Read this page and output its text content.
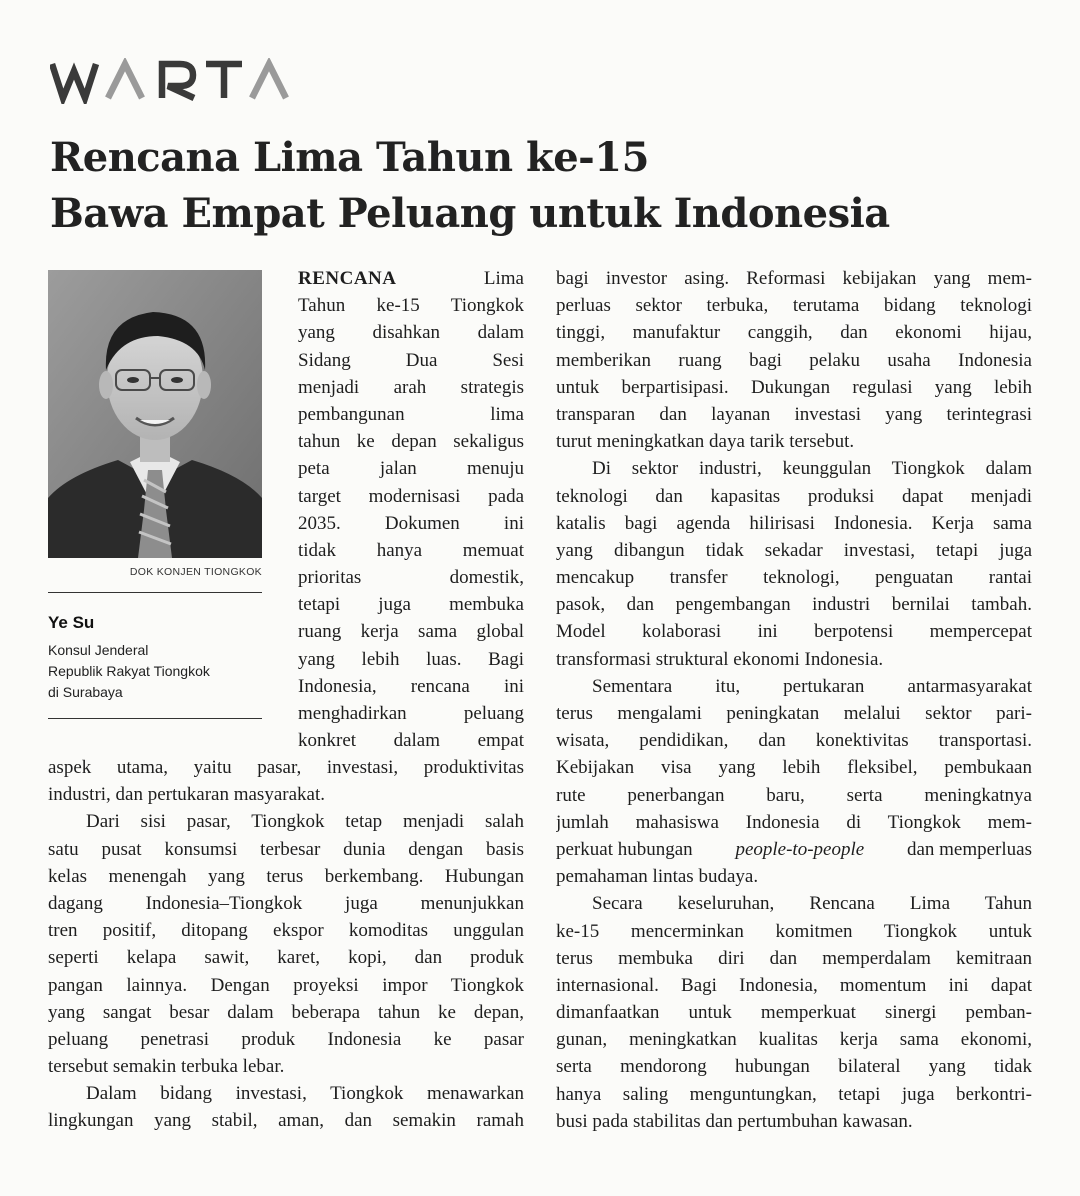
Rencana Lima Tahun ke-15
Bawa Empat Peluang untuk Indonesia
DOK KONJEN TIONGKOK
Ye Su
Konsul Jenderal
Republik Rakyat Tiongkok
di Surabaya
RENCANA	Lima
Tahun ke-15 Tiongkok
yang disahkan dalam
Sidang Dua Sesi
menjadi arah strategis
pembangunan lima
tahun ke depan sekaligus
peta jalan menuju
target modernisasi pada
2035. Dokumen ini
tidak hanya memuat
prioritas domestik,
tetapi juga membuka
ruang kerja sama global
yang lebih luas. Bagi
Indonesia, rencana ini
menghadirkan peluang
konkret dalam empat
aspek utama, yaitu pasar, investasi, produktivitas
industri, dan pertukaran masyarakat.
Dari sisi pasar, Tiongkok tetap menjadi salah
satu pusat konsumsi terbesar dunia dengan basis
kelas menengah yang terus berkembang. Hubungan
dagang Indonesia–Tiongkok juga menunjukkan
tren positif, ditopang ekspor komoditas unggulan
seperti kelapa sawit, karet, kopi, dan produk
pangan lainnya. Dengan proyeksi impor Tiongkok
yang sangat besar dalam beberapa tahun ke depan,
peluang penetrasi produk Indonesia ke pasar
tersebut semakin terbuka lebar.
Dalam bidang investasi, Tiongkok menawarkan
lingkungan yang stabil, aman, dan semakin ramah
bagi investor asing. Reformasi kebijakan yang mem-
perluas sektor terbuka, terutama bidang teknologi
tinggi, manufaktur canggih, dan ekonomi hijau,
memberikan ruang bagi pelaku usaha Indonesia
untuk berpartisipasi. Dukungan regulasi yang lebih
transparan dan layanan investasi yang terintegrasi
turut meningkatkan daya tarik tersebut.
Di sektor industri, keunggulan Tiongkok dalam
teknologi dan kapasitas produksi dapat menjadi
katalis bagi agenda hilirisasi Indonesia. Kerja sama
yang dibangun tidak sekadar investasi, tetapi juga
mencakup transfer teknologi, penguatan rantai
pasok, dan pengembangan industri bernilai tambah.
Model kolaborasi ini berpotensi mempercepat
transformasi struktural ekonomi Indonesia.
Sementara itu, pertukaran antarmasyarakat
terus mengalami peningkatan melalui sektor pari-
wisata, pendidikan, dan konektivitas transportasi.
Kebijakan visa yang lebih fleksibel, pembukaan
rute penerbangan baru, serta meningkatnya
jumlah mahasiswa Indonesia di Tiongkok mem-
perkuat hubungan people-to-people dan memperluas
pemahaman lintas budaya.
Secara keseluruhan, Rencana Lima Tahun
ke-15 mencerminkan komitmen Tiongkok untuk
terus membuka diri dan memperdalam kemitraan
internasional. Bagi Indonesia, momentum ini dapat
dimanfaatkan untuk memperkuat sinergi pemban-
gunan, meningkatkan kualitas kerja sama ekonomi,
serta mendorong hubungan bilateral yang tidak
hanya saling menguntungkan, tetapi juga berkontri-
busi pada stabilitas dan pertumbuhan kawasan.
